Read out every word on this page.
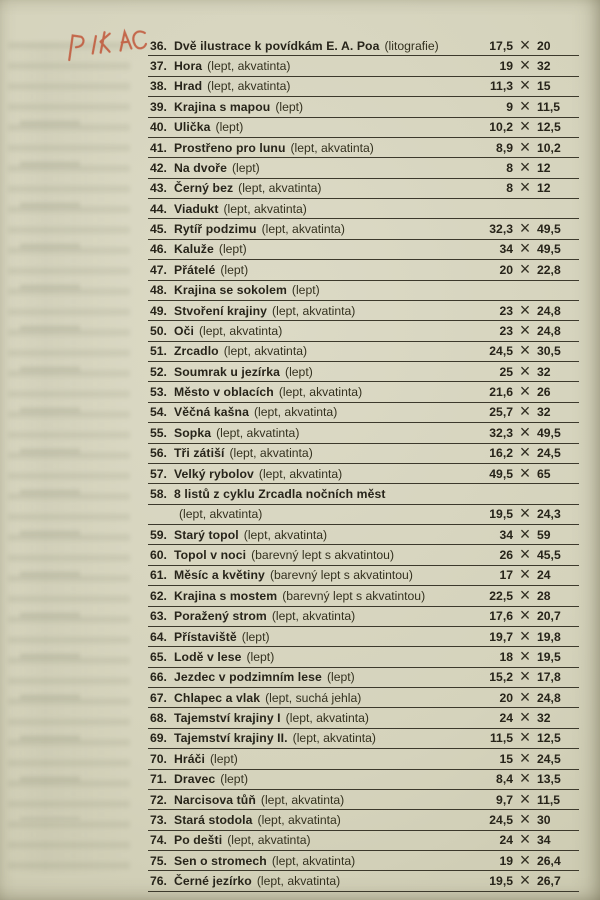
36. Dvě ilustrace k povídkám E. A. Poa (litografie)	17,5 × 20
37. Hora (lept, akvatinta)	19 × 32
38. Hrad (lept, akvatinta)	11,3 × 15
39. Krajina s mapou (lept)	9 × 11,5
40. Ulička (lept)	10,2 × 12,5
41. Prostřeno pro lunu (lept, akvatinta)	8,9 × 10,2
42. Na dvoře (lept)	8 × 12
43. Černý bez (lept, akvatinta)	8 × 12
44. Viadukt (lept, akvatinta)
45. Rytíř podzimu (lept, akvatinta)	32,3 × 49,5
46. Kaluže (lept)	34 × 49,5
47. Přátelé (lept)	20 × 22,8
48. Krajina se sokolem (lept)
49. Stvoření krajiny (lept, akvatinta)	23 × 24,8
50. Oči (lept, akvatinta)	23 × 24,8
51. Zrcadlo (lept, akvatinta)	24,5 × 30,5
52. Soumrak u jezírka (lept)	25 × 32
53. Město v oblacích (lept, akvatinta)	21,6 × 26
54. Věčná kašna (lept, akvatinta)	25,7 × 32
55. Sopka (lept, akvatinta)	32,3 × 49,5
56. Tři zátiší (lept, akvatinta)	16,2 × 24,5
57. Velký rybolov (lept, akvatinta)	49,5 × 65
58. 8 listů z cyklu Zrcadla nočních měst
(lept, akvatinta)	19,5 × 24,3
59. Starý topol (lept, akvatinta)	34 × 59
60. Topol v noci (barevný lept s akvatintou)	26 × 45,5
61. Měsíc a květiny (barevný lept s akvatintou)	17 × 24
62. Krajina s mostem (barevný lept s akvatintou)	22,5 × 28
63. Poražený strom (lept, akvatinta)	17,6 × 20,7
64. Přístaviště (lept)	19,7 × 19,8
65. Lodě v lese (lept)	18 × 19,5
66. Jezdec v podzimním lese (lept)	15,2 × 17,8
67. Chlapec a vlak (lept, suchá jehla)	20 × 24,8
68. Tajemství krajiny I (lept, akvatinta)	24 × 32
69. Tajemství krajiny II. (lept, akvatinta)	11,5 × 12,5
70. Hráči (lept)	15 × 24,5
71. Dravec (lept)	8,4 × 13,5
72. Narcisova tůň (lept, akvatinta)	9,7 × 11,5
73. Stará stodola (lept, akvatinta)	24,5 × 30
74. Po dešti (lept, akvatinta)	24 × 34
75. Sen o stromech (lept, akvatinta)	19 × 26,4
76. Černé jezírko (lept, akvatinta)	19,5 × 26,7
